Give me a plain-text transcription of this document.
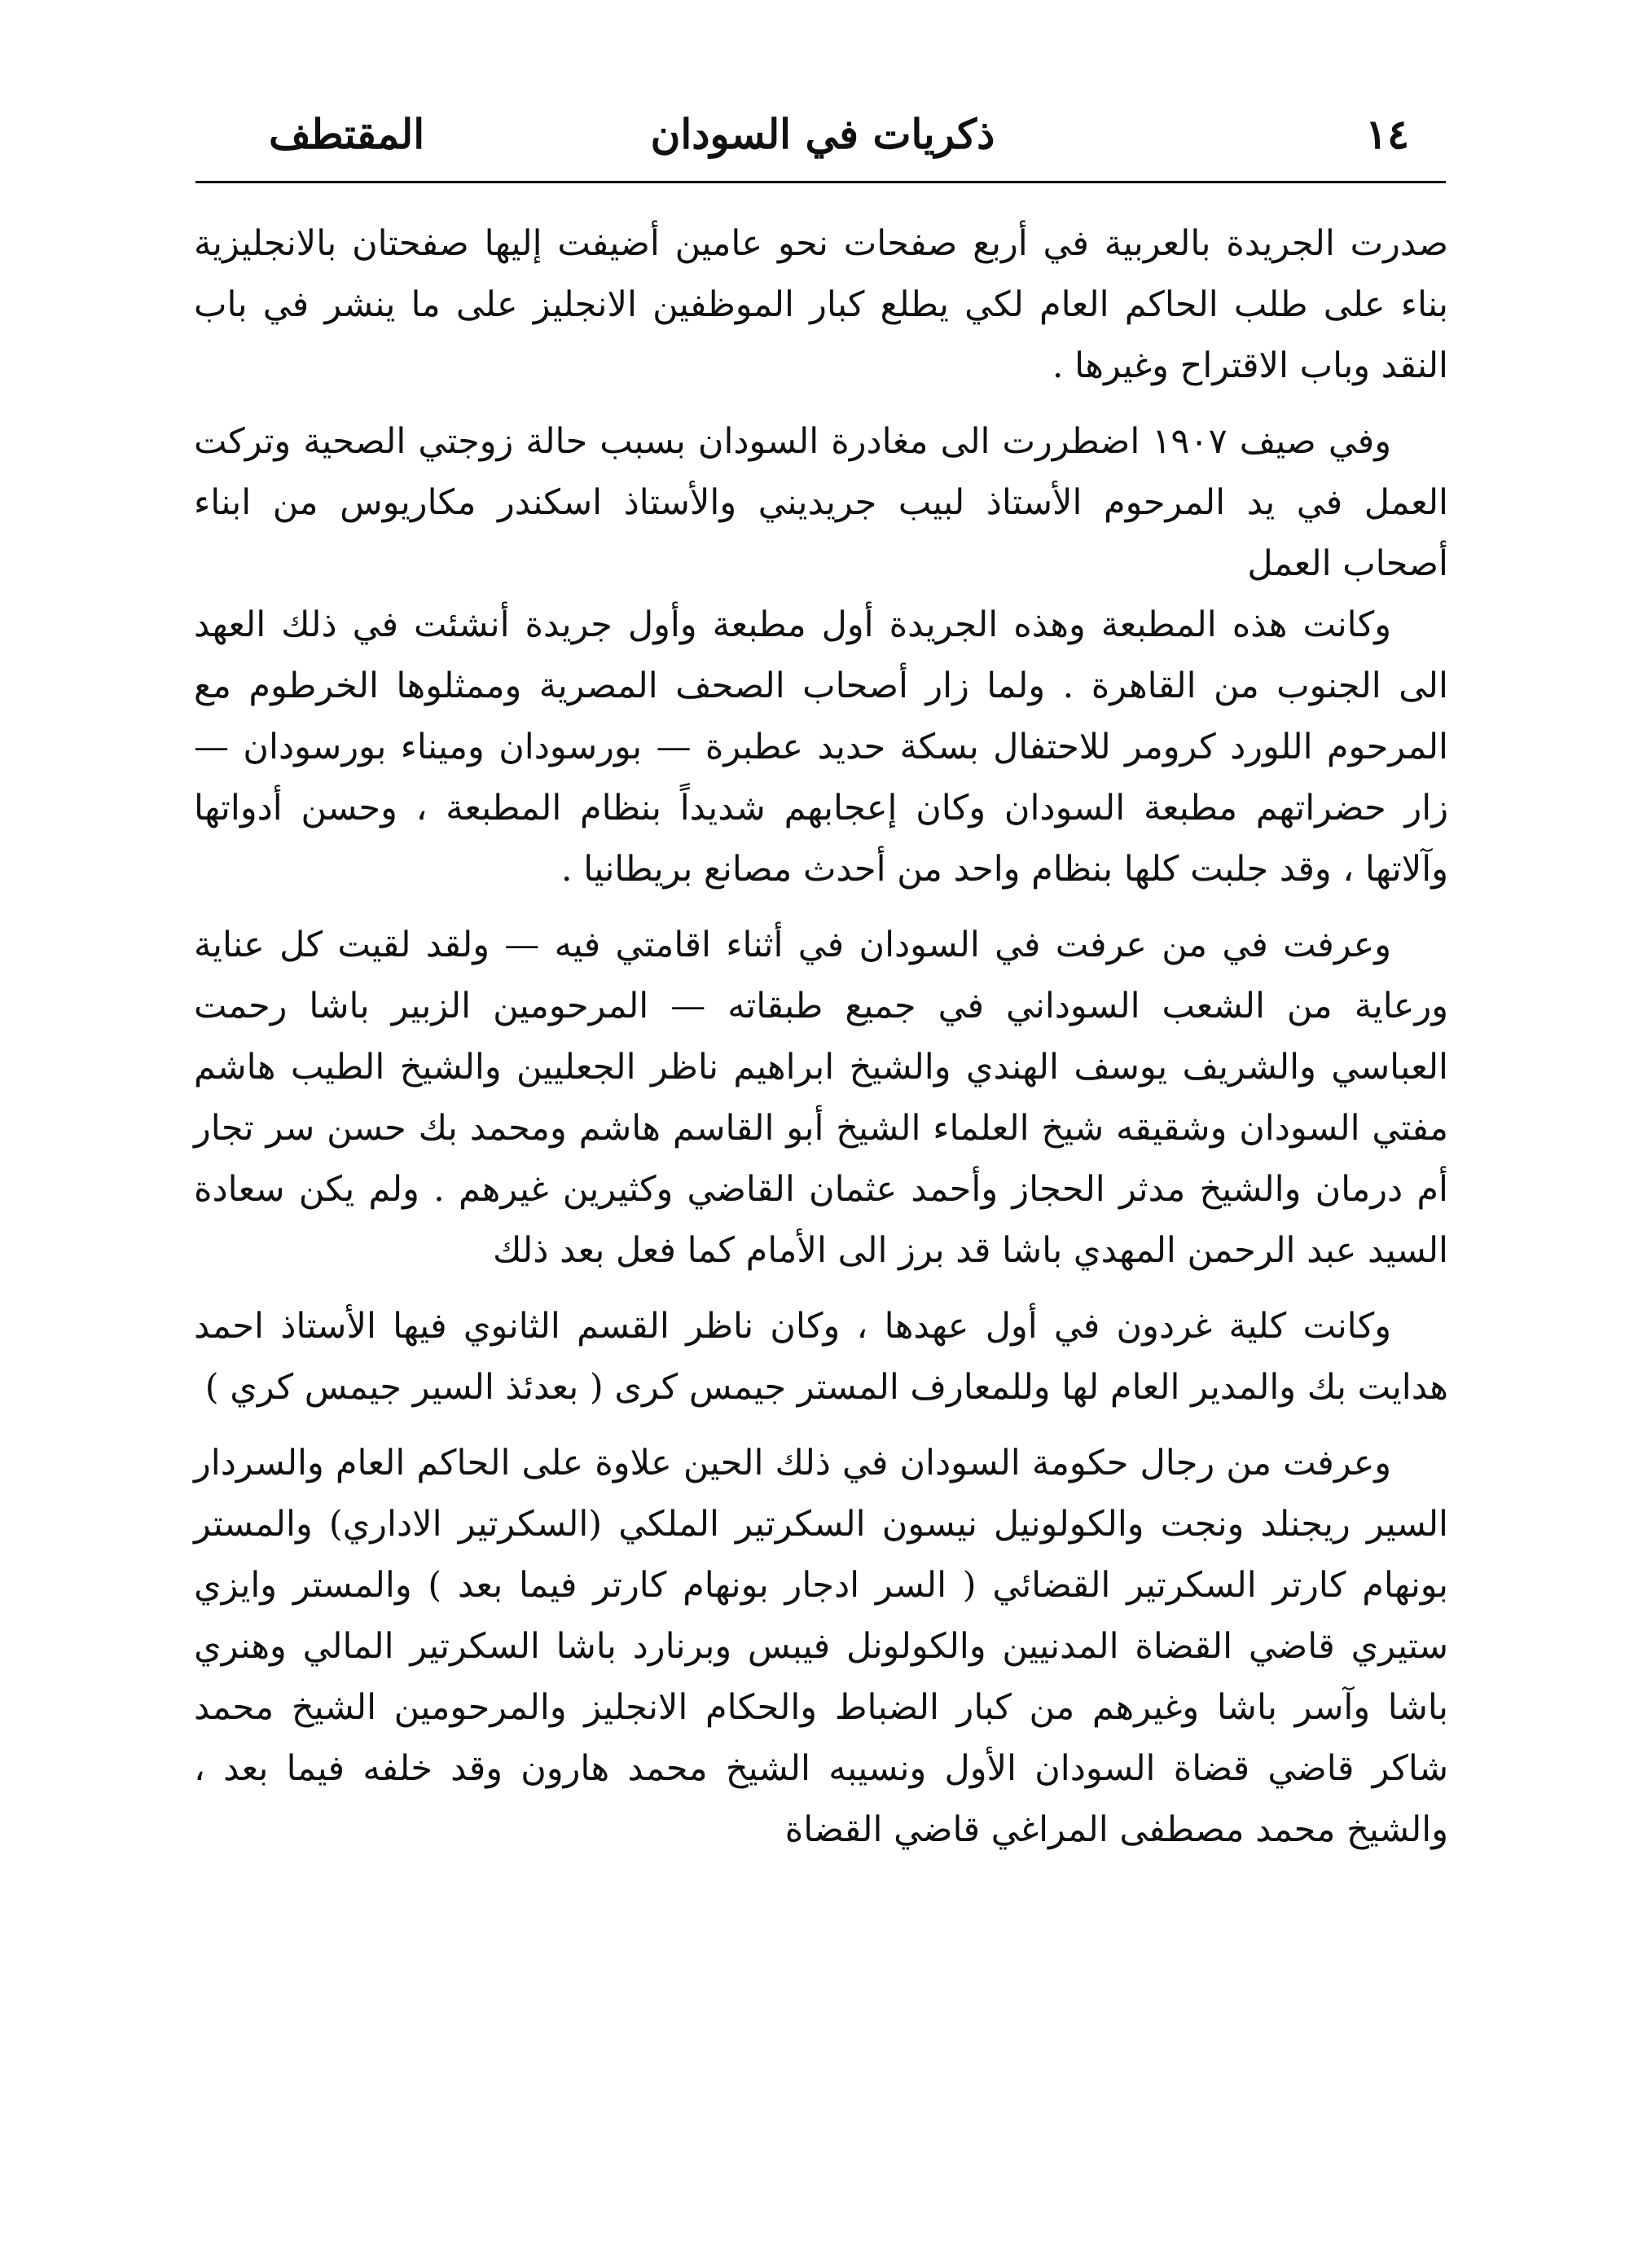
١٤
ذكريات في السودان
المقتطف

صدرت الجريدة بالعربية في أربع صفحات نحو عامين أضيفت إليها صفحتان بالانجليزية بناء على طلب الحاكم العام لكي يطلع كبار الموظفين الانجليز على ما ينشر في باب النقد وباب الاقتراح وغيرها .

وفي صيف ١٩٠٧ اضطررت الى مغادرة السودان بسبب حالة زوجتي الصحية وتركت العمل في يد المرحوم الأستاذ لبيب جريديني والأستاذ اسكندر مكاريوس من ابناء أصحاب العمل

وكانت هذه المطبعة وهذه الجريدة أول مطبعة وأول جريدة أنشئت في ذلك العهد الى الجنوب من القاهرة . ولما زار أصحاب الصحف المصرية وممثلوها الخرطوم مع المرحوم اللورد كرومر للاحتفال بسكة حديد عطبرة — بورسودان وميناء بورسودان — زار حضراتهم مطبعة السودان وكان إعجابهم شديداً بنظام المطبعة ، وحسن أدواتها وآلاتها ، وقد جلبت كلها بنظام واحد من أحدث مصانع بريطانيا .

وعرفت في من عرفت في السودان في أثناء اقامتي فيه — ولقد لقيت كل عناية ورعاية من الشعب السوداني في جميع طبقاته — المرحومين الزبير باشا رحمت العباسي والشريف يوسف الهندي والشيخ ابراهيم ناظر الجعليين والشيخ الطيب هاشم مفتي السودان وشقيقه شيخ العلماء الشيخ أبو القاسم هاشم ومحمد بك حسن سر تجار أم درمان والشيخ مدثر الحجاز وأحمد عثمان القاضي وكثيرين غيرهم . ولم يكن سعادة السيد عبد الرحمن المهدي باشا قد برز الى الأمام كما فعل بعد ذلك

وكانت كلية غردون في أول عهدها ، وكان ناظر القسم الثانوي فيها الأستاذ احمد هدايت بك والمدير العام لها وللمعارف المستر جيمس كرى ( بعدئذ السير جيمس كري )

وعرفت من رجال حكومة السودان في ذلك الحين علاوة على الحاكم العام والسردار السير ريجنلد ونجت والكولونيل نيسون السكرتير الملكي (السكرتير الاداري) والمستر بونهام كارتر السكرتير القضائي ( السر ادجار بونهام كارتر فيما بعد ) والمستر وايزي ستيري قاضي القضاة المدنيين والكولونل فيبس وبرنارد باشا السكرتير المالي وهنري باشا وآسر باشا وغيرهم من كبار الضباط والحكام الانجليز والمرحومين الشيخ محمد شاكر قاضي قضاة السودان الأول ونسيبه الشيخ محمد هارون وقد خلفه فيما بعد ، والشيخ محمد مصطفى المراغي قاضي القضاة
